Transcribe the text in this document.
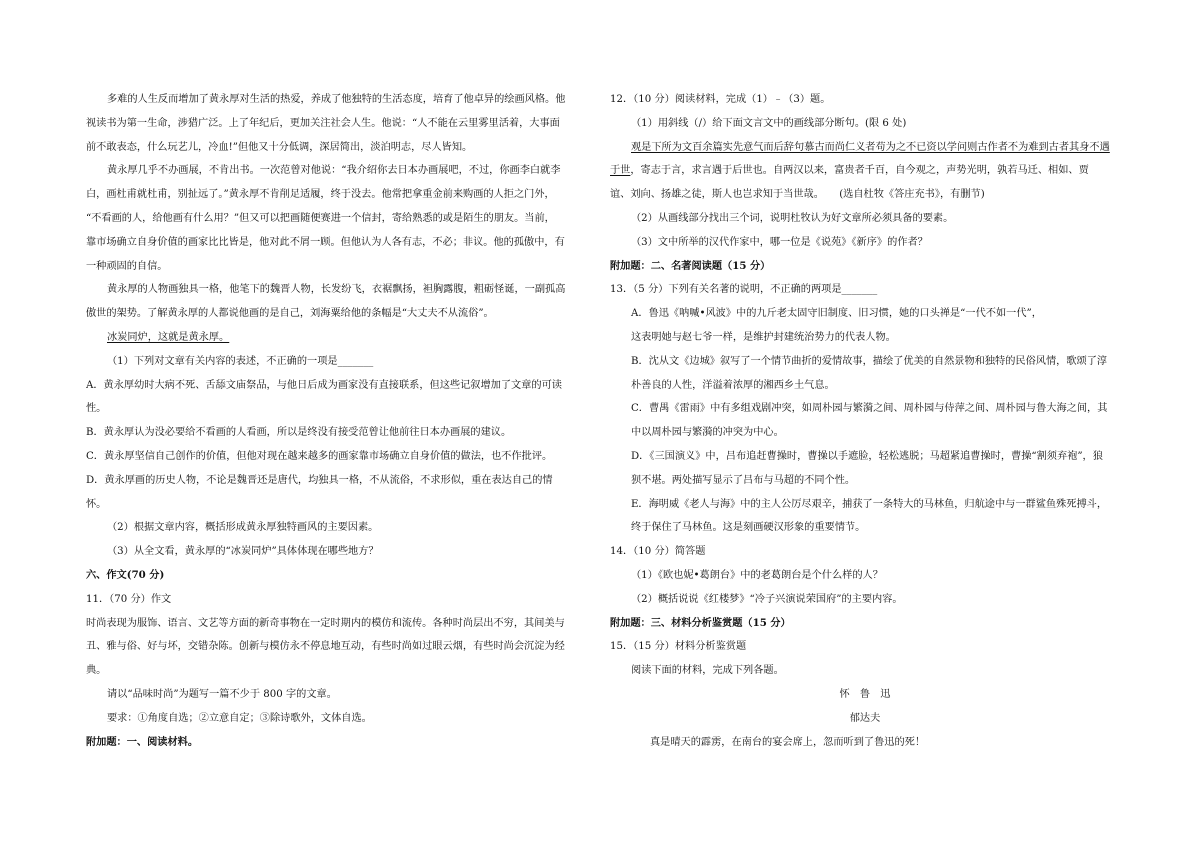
多难的人生反而增加了黄永厚对生活的热爱，养成了他独特的生活态度，培育了他卓异的绘画风格。他
视读书为第一生命，涉猎广泛。上了年纪后，更加关注社会人生。他说：“人不能在云里雾里活着，大事面
前不敢表态，什么玩艺儿，冷血!”但他又十分低调，深居简出，淡泊明志，尽人皆知。
黄永厚几乎不办画展，不肯出书。一次范曾对他说：“我介绍你去日本办画展吧，不过，你画李白就李
白，画杜甫就杜甫，别扯远了。”黄永厚不肯削足适履，终于没去。他常把拿重金前来购画的人拒之门外，
“不看画的人，给他画有什么用？”但又可以把画随便赛进一个信封，寄给熟悉的或是陌生的朋友。当前，
靠市场确立自身价值的画家比比皆是，他对此不屑一顾。但他认为人各有志，不必；非议。他的孤傲中，有
一种顽固的自信。
黄永厚的人物画独具一格，他笔下的魏晋人物，长发纷飞，衣裾飘扬，袒胸露腹，粗砺怪诞，一副孤高
傲世的架势。了解黄永厚的人都说他画的是自己，刘海粟给他的条幅是“大丈夫不从流俗”。
冰炭同炉，这就是黄永厚。
（1）下列对文章有关内容的表述，不正确的一项是_______
A．黄永厚幼时大病不死、舌舔文庙祭品，与他日后成为画家没有直接联系，但这些记叙增加了文章的可读
性。
B．黄永厚认为没必要给不看画的人看画，所以是终没有接受范曾让他前往日本办画展的建议。
C．黄永厚坚信自己创作的价值，但他对现在越来越多的画家靠市场确立自身价值的做法，也不作批评。
D．黄永厚画的历史人物，不论是魏晋还是唐代，均独具一格，不从流俗，不求形似，重在表达自己的情
怀。
（2）根据文章内容，概括形成黄永厚独特画风的主要因素。
（3）从全文看，黄永厚的“冰炭同炉”具体体现在哪些地方？
六、作文(70 分)
11．（70 分）作文
时尚表现为服饰、语言、文艺等方面的新奇事物在一定时期内的模仿和流传。各种时尚层出不穷，其间美与
丑、雅与俗、好与坏，交错杂陈。创新与模仿永不停息地互动，有些时尚如过眼云烟，有些时尚会沉淀为经
典。
请以“品味时尚”为题写一篇不少于 800 字的文章。
要求：①角度自选；②立意自定；③除诗歌外，文体自选。
附加题：一、阅读材料。
12．（10 分）阅读材料，完成（1）﹣（3）题。
（1）用斜线（/）给下面文言文中的画线部分断句。(限 6 处)
观是下所为文百余篇实先意气而后辞句慕古而尚仁义者苟为之不已资以学问则古作者不为难到古者其身不遇
于世，寄志于言，求言遇于后世也。自两汉以来，富贵者千百，自今观之，声势光明，孰若马迁、相如、贾
谊、刘向、扬雄之徒，斯人也岂求知于当世哉。　　(选自杜牧《答庄充书》，有删节)
（2）从画线部分找出三个词，说明杜牧认为好文章所必须具备的要素。
（3）文中所举的汉代作家中，哪一位是《说苑》《新序》的作者？
附加题：二、名著阅读题（15 分）
13．（5 分）下列有关名著的说明，不正确的两项是_______
A．鲁迅《呐喊•风波》中的九斤老太固守旧制度、旧习惯，她的口头禅是“一代不如一代”，
这表明她与赵七爷一样，是维护封建统治势力的代表人物。
B．沈从文《边城》叙写了一个情节曲折的爱情故事，描绘了优美的自然景物和独特的民俗风情，歌颂了淳
朴善良的人性，洋溢着浓厚的湘西乡土气息。
C．曹禺《雷雨》中有多组戏剧冲突，如周朴园与繁漪之间、周朴园与侍萍之间、周朴园与鲁大海之间，其
中以周朴园与繁漪的冲突为中心。
D．《三国演义》中，吕布追赶曹操时，曹操以手遮脸，轻松逃脱；马超紧追曹操时，曹操“割须弃袍”，狼
狈不堪。两处描写显示了吕布与马超的不同个性。
E．海明威《老人与海》中的主人公厉尽艰辛，捕获了一条特大的马林鱼，归航途中与一群鲨鱼殊死搏斗，
终于保住了马林鱼。这是刻画硬汉形象的重要情节。
14．（10 分）简答题
（1）《欧也妮•葛朗台》中的老葛朗台是个什么样的人？
（2）概括说说《红楼梦》“冷子兴演说荣国府”的主要内容。
附加题：三、材料分析鉴赏题（15 分）
15．（15 分）材料分析鉴赏题
阅读下面的材料，完成下列各题。
怀　鲁　迅
郁达夫
真是晴天的霹雳，在南台的宴会席上，忽而听到了鲁迅的死！
